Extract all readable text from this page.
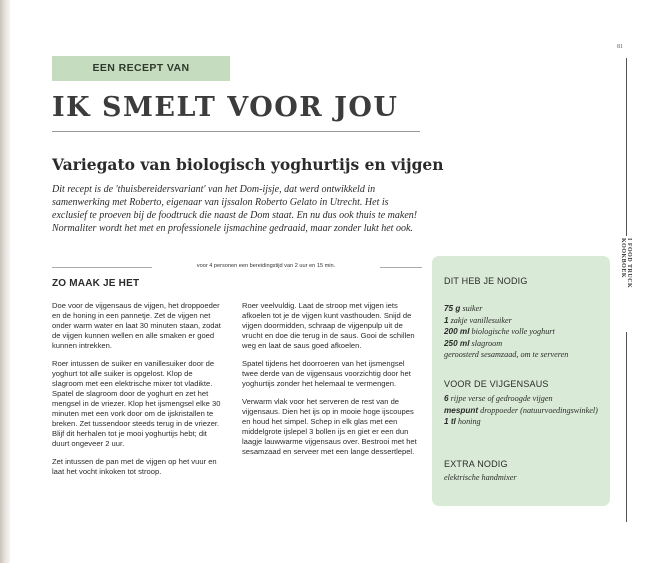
81
I FOOD TRUCK KOOKBOEK
EEN RECEPT VAN
IK SMELT VOOR JOU
Variegato van biologisch yoghurtijs en vijgen

Dit recept is de 'thuisbereidersvariant' van het Dom-ijsje, dat werd ontwikkeld in samenwerking met Roberto, eigenaar van ijssalon Roberto Gelato in Utrecht. Het is exclusief te proeven bij de foodtruck die naast de Dom staat. En nu dus ook thuis te maken! Normaliter wordt het met en professionele ijsmachine gedraaid, maar zonder lukt het ook.

voor 4 personen een bereidingstijd van 2 uur en 15 min.
ZO MAAK JE HET

Doe voor de vijgensaus de vijgen, het droppoeder en de honing in een pannetje. Zet de vijgen net onder warm water en laat 30 minuten staan, zodat de vijgen kunnen wellen en alle smaken er goed kunnen intrekken.

Roer intussen de suiker en vanillesuiker door de yoghurt tot alle suiker is opgelost. Klop de slagroom met een elektrische mixer tot vladikte. Spatel de slagroom door de yoghurt en zet het mengsel in de vriezer. Klop het ijsmengsel elke 30 minuten met een vork door om de ijskristallen te breken. Zet tussendoor steeds terug in de vriezer. Blijf dit herhalen tot je mooi yoghurtijs hebt; dit duurt ongeveer 2 uur.

Zet intussen de pan met de vijgen op het vuur en laat het vocht inkoken tot stroop.

Roer veelvuldig. Laat de stroop met vijgen iets afkoelen tot je de vijgen kunt vasthouden. Snijd de vijgen doormidden, schraap de vijgenpulp uit de vrucht en doe die terug in de saus. Gooi de schillen weg en laat de saus goed afkoelen.

Spatel tijdens het doorroeren van het ijsmengsel twee derde van de vijgensaus voorzichtig door het yoghurtijs zonder het helemaal te vermengen.

Verwarm vlak voor het serveren de rest van de vijgensaus. Dien het ijs op in mooie hoge ijscoupes en houd het simpel. Schep in elk glas met een middelgrote ijslepel 3 bollen ijs en giet er een dun laagje lauwwarme vijgensaus over. Bestrooi met het sesamzaad en serveer met een lange dessertlepel.

DIT HEB JE NODIG
75 g suiker
1 zakje vanillesuiker
200 ml biologische volle yoghurt
250 ml slagroom
geroosterd sesamzaad, om te serveren
VOOR DE VIJGENSAUS
6 rijpe verse of gedroogde vijgen
mespunt droppoeder (natuurvoedingswinkel)
1 tl honing
EXTRA NODIG
elektrische handmixer
